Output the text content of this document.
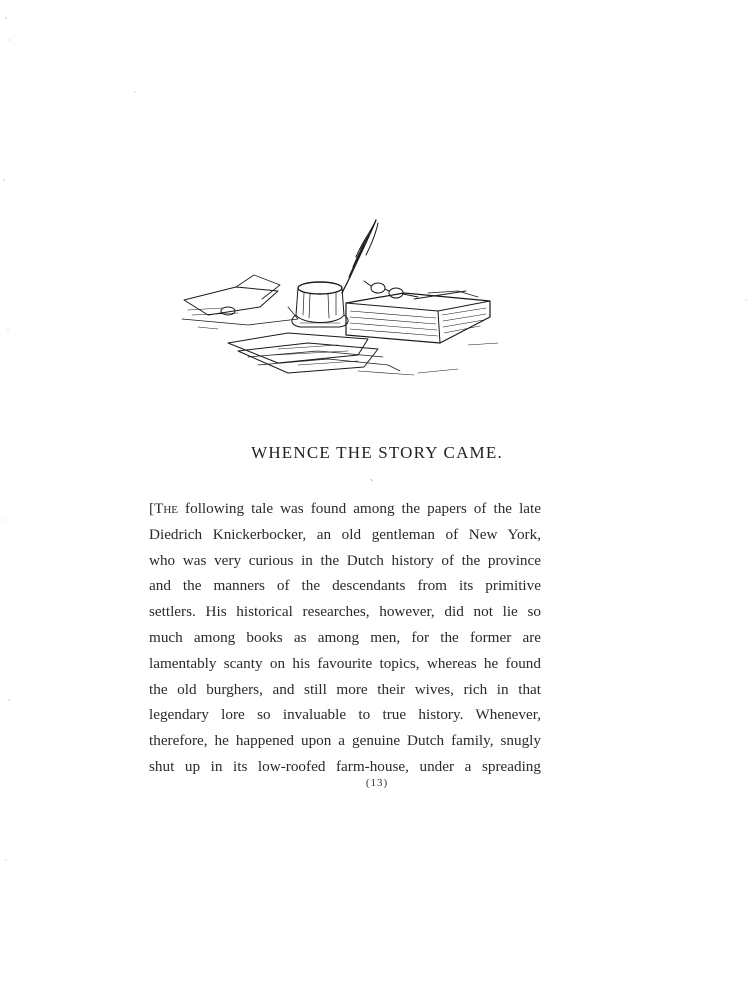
WHENCE THE STORY CAME.
ˋ
[The following tale was found among the papers of the late
Diedrich Knickerbocker, an old gentleman of New York,
who was very curious in the Dutch history of the province
and the manners of the descendants from its primitive
settlers. His historical researches, however, did not lie so
much among books as among men, for the former are
lamentably scanty on his favourite topics, whereas he found
the old burghers, and still more their wives, rich in that
legendary lore so invaluable to true history. Whenever,
therefore, he happened upon a genuine Dutch family, snugly
shut up in its low-roofed farm-house, under a spreading
(13)
